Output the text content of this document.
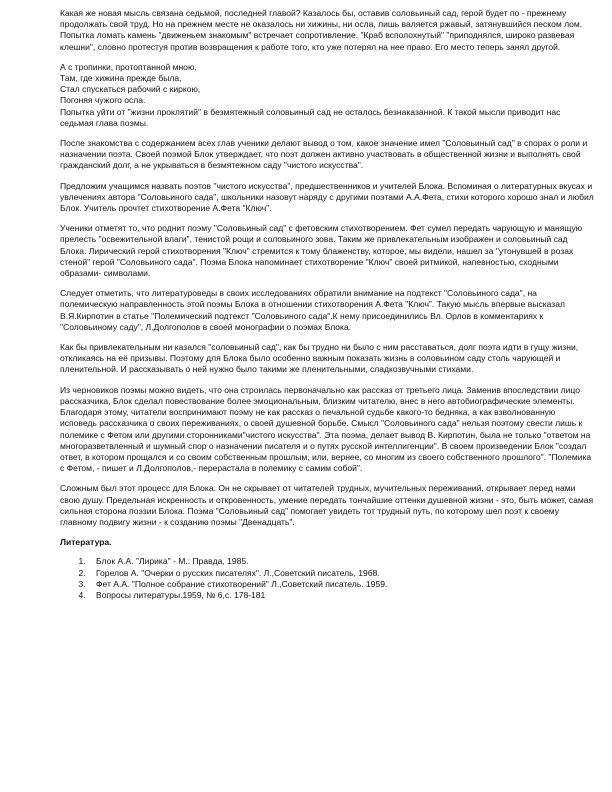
Какая же новая мысль связана седьмой, последней главой? Казалось бы, оставив соловьиный сад, герой будет по - прежнему продолжать свой труд. Но на прежнем месте не оказалось ни хижины, ни осла, лишь валяется ржавый, затянувшийся песком лом. Попытка ломать камень "движеньем знакомым" встречает сопротивление. "Краб всполохнутый" "приподнялся, широко развевая клешни", словно протестуя против возвращения к работе того, кто уже потерял на нее право. Его место теперь занял другой.

А с тропинки, протоптанной мною,
Там, где хижина прежде была,
Стал спускаться рабочий с киркою,
Погоняя чужого осла.

Попытка уйти от "жизни проклятий" в безмятежный соловьиный сад не осталось безнаказанной. К такой мысли приводит нас седьмая глава поэмы.

После знакомства с содержанием всех глав ученики делают вывод о том, какое значение имел "Соловьиный сад" в спорах о роли и назначении поэта. Своей поэмой Блок утверждает, что поэт должен активно участвовать в общественной жизни и выполнять свой гражданский долг, а не укрываться в безмятежном саду "чистого искусства".

Предложим учащимся назвать поэтов "чистого искусства", предшественников и учителей Блока. Вспоминая о литературных вкусах и увлечениях автора "Соловьиного сада", школьники назовут наряду с другими поэтами А.А.Фета, стихи которого хорошо знал и любил Блок. Учитель прочтет стихотворение А.Фета "Ключ".

Ученики отметят то, что роднит поэму "Соловьиный сад" с фетовским стихотворением. Фет сумел передать чарующую и манящую прелесть "освежительной влаги", тенистой рощи и соловьиного зова. Таким же привлекательным изображен и соловьиный сад Блока. Лирический герой стихотворения "Ключ" стремится к тому блаженству, которое, мы видели, нашел за "утонувшей в розах стеной" герой "Соловьиного сада". Поэма Блока напоминает стихотворение "Ключ" своей ритмикой, напевностью, сходными образами- символами.

Следует отметить, что литературоведы в своих исследованиях обратили внимание на подтекст "Соловьиного сада", на полемическую направленность этой поэмы Блока в отношении стихотворения А.Фета "Ключ". Такую мысль впервые высказал В.Я.Кирпотин в статье "Полемический подтекст "Соловьиного сада".К нему присоединились Вл. Орлов в комментариях к "Соловьиному саду", Л.Долгополов в своей монографии о поэмах Блока.

Как бы привлекательным ни казался "соловьиный сад", как бы трудно ни было с ним расставаться, долг поэта идти в гущу жизни, откликаясь на её призывы. Поэтому для Блока было особенно важным показать жизнь в соловьином саду столь чарующей и пленительной. И рассказывать о ней нужно было такими же пленительными, сладкозвучными стихами.

Из черновиков поэмы можно видеть, что она строилась первоначально как рассказ от третьего лица. Заменив впоследствии лицо рассказчика, Блок сделал повествование более эмоциональным, близким читателю, внес в него автобиографические элементы. Благодаря этому, читатели воспринимают поэму не как рассказ о печальной судьбе какого-то бедняка, а как взволнованную исповедь рассказчика о своих переживаниях, о своей душевной борьбе. Смысл "Соловьиного сада" нельзя поэтому свести лишь к полемике с Фетом или другими сторонниками"чистого искусства". Эта поэма, делает вывод В. Кирпотин, была не только "ответом на многоразветвленный и шумный спор о назначении писателя и о путях русской интеллигенции". В своем произведении Блок "создал ответ, в котором прощался и со своим собственным прошлым, или, вернее, со многим из своего собственного прошлого". "Полемика с Фетом, - пишет и Л.Долгополов,- перерастала в полемику с самим собой".

Сложным был этот процесс для Блока. Он не скрывает от читателей трудных, мучительных переживаний, открывает перед нами свою душу. Предельная искренность и откровенность, умение передать тончайшие оттенки душевной жизни - это, быть может, самая сильная сторона поэзии Блока. Поэма "Соловьиный сад" помогает увидеть тот трудный путь, по которому шел поэт к своему главному подвигу жизни - к созданию поэмы "Двенадцать".

Литература.
1. Блок А.А. "Лирика" - М.: Правда, 1985.
2. Горелов А. "Очерки о русских писателях". Л.,Советский писатель, 1968.
3. Фет А.А. "Полное собрание стихотворений" Л.,Советский писатель. 1959.
4. Вопросы литературы.1959, № 6,с. 178-181
